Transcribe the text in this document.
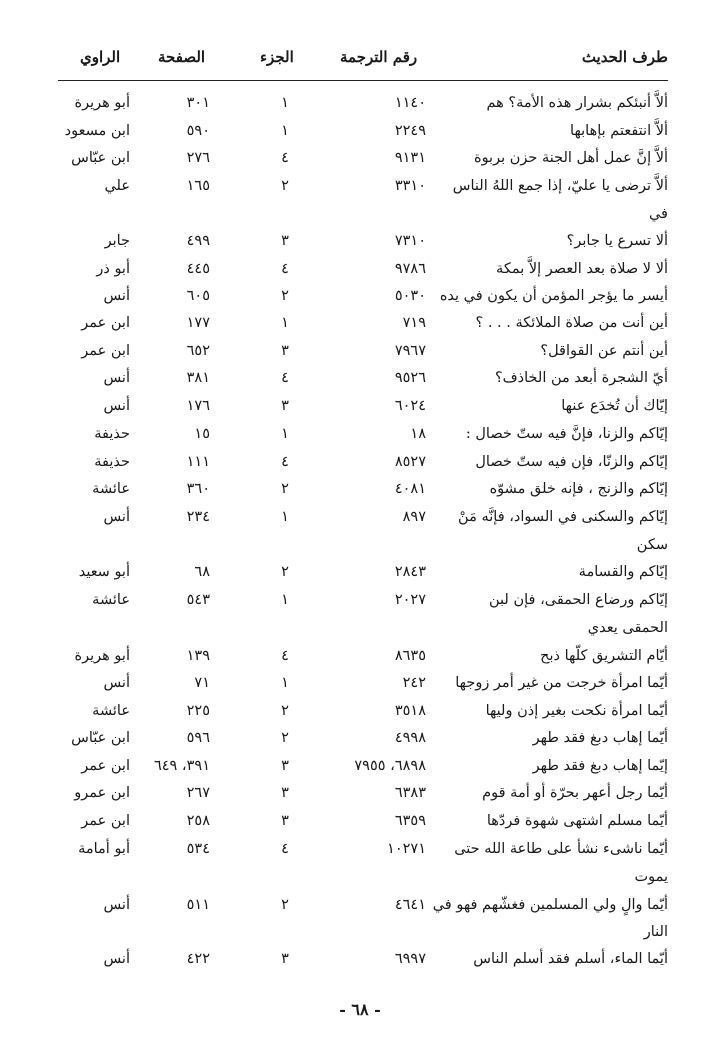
طرف الحديث
رقم الترجمة
الجزء
الصفحة
الراوي
ألاَّ أنبئكم بشرار هذه الأمة؟ هم
١١٤٠
١
٣٠١
أبو هريرة
ألاَّ انتفعتم بإهابها
٢٢٤٩
١
٥٩٠
ابن مسعود
ألاَّ إنَّ عمل أهل الجنة حزن بربوة
٩١٣١
٤
٢٧٦
ابن عبّاس
ألاَّ ترضى يا عليّ، إذا جمع اللهُ الناس
٣٣١٠
٢
١٦٥
علي
في
ألا تسرع يا جابر؟
٧٣١٠
٣
٤٩٩
جابر
ألا لا صلاة بعد العصر إلاَّ بمكة
٩٧٨٦
٤
٤٤٥
أبو ذر
أيسر ما يؤجر المؤمن أن يكون في يده
٥٠٣٠
٢
٦٠٥
أنس
أين أنت من صلاة الملائكة . . . ؟
٧١٩
١
١٧٧
ابن عمر
أين أنتم عن القواقل؟
٧٩٦٧
٣
٦٥٢
ابن عمر
أيّ الشجرة أبعد من الخاذف؟
٩٥٢٦
٤
٣٨١
أنس
إيّاك أن تُخدَع عنها
٦٠٢٤
٣
١٧٦
أنس
إيّاكم والزنا، فإنَّ فيه ستّ خصال :
١٨
١
١٥
حذيفة
إيّاكم والزنّا، فإن فيه ستّ خصال
٨٥٢٧
٤
١١١
حذيفة
إيّاكم والزنج ، فإنه خلق مشوّه
٤٠٨١
٢
٣٦٠
عائشة
إيّاكم والسكنى في السواد، فإنَّه مَنْ
٨٩٧
١
٢٣٤
أنس
سكن
إيّاكم والقسامة
٢٨٤٣
٢
٦٨
أبو سعيد
إيّاكم ورضاع الحمقى، فإن لبن
٢٠٢٧
١
٥٤٣
عائشة
الحمقى يعدي
أيّام التشريق كلّها ذبح
٨٦٣٥
٤
١٣٩
أبو هريرة
أيّما امرأة خرجت من غير أمر زوجها
٢٤٢
١
٧١
أنس
أيّما امرأة نكحت بغير إذن وليها
٣٥١٨
٢
٢٢٥
عائشة
أيّما إهاب دبغ فقد طهر
٤٩٩٨
٢
٥٩٦
ابن عبّاس
إيّما إهاب دبغ فقد طهر
٦٨٩٨، ٧٩٥٥
٣
٣٩١، ٦٤٩
ابن عمر
أيّما رجل أعهر بحرّة أو أمة قوم
٦٣٨٣
٣
٢٦٧
ابن عمرو
أيّما مسلم اشتهى شهوة فردّها
٦٣٥٩
٣
٢٥٨
ابن عمر
أيّما ناشىء نشأ على طاعة الله حتى
١٠٢٧١
٤
٥٣٤
أبو أمامة
يموت
أيّما والٍ ولي المسلمين فغشّهم فهو في
٤٦٤١
٢
٥١١
أنس
النار
أيّما الماء، أسلم فقد أسلم الناس
٦٩٩٧
٣
٤٢٢
أنس
- ٦٨ -
